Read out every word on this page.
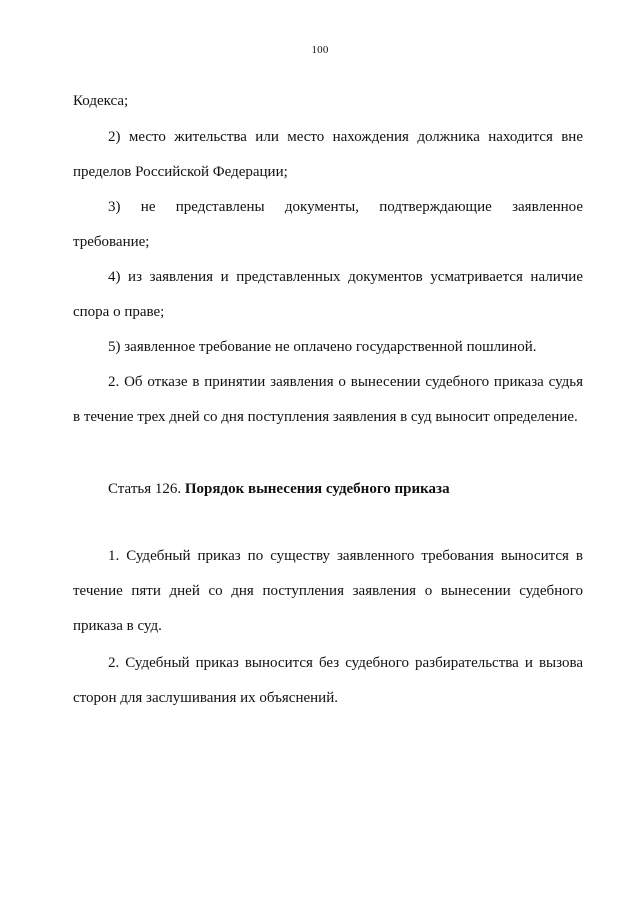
100
Кодекса;
2) место жительства или место нахождения должника находится вне
пределов Российской Федерации;
3) не представлены документы, подтверждающие заявленное
требование;
4) из заявления и представленных документов усматривается наличие
спора о праве;
5) заявленное требование не оплачено государственной пошлиной.
2. Об отказе в принятии заявления о вынесении судебного приказа судья
в течение трех дней со дня поступления заявления в суд выносит определение.
Статья 126. Порядок вынесения судебного приказа
1. Судебный приказ по существу заявленного требования выносится в
течение пяти дней со дня поступления заявления о вынесении судебного
приказа в суд.
2. Судебный приказ выносится без судебного разбирательства и вызова
сторон для заслушивания их объяснений.
